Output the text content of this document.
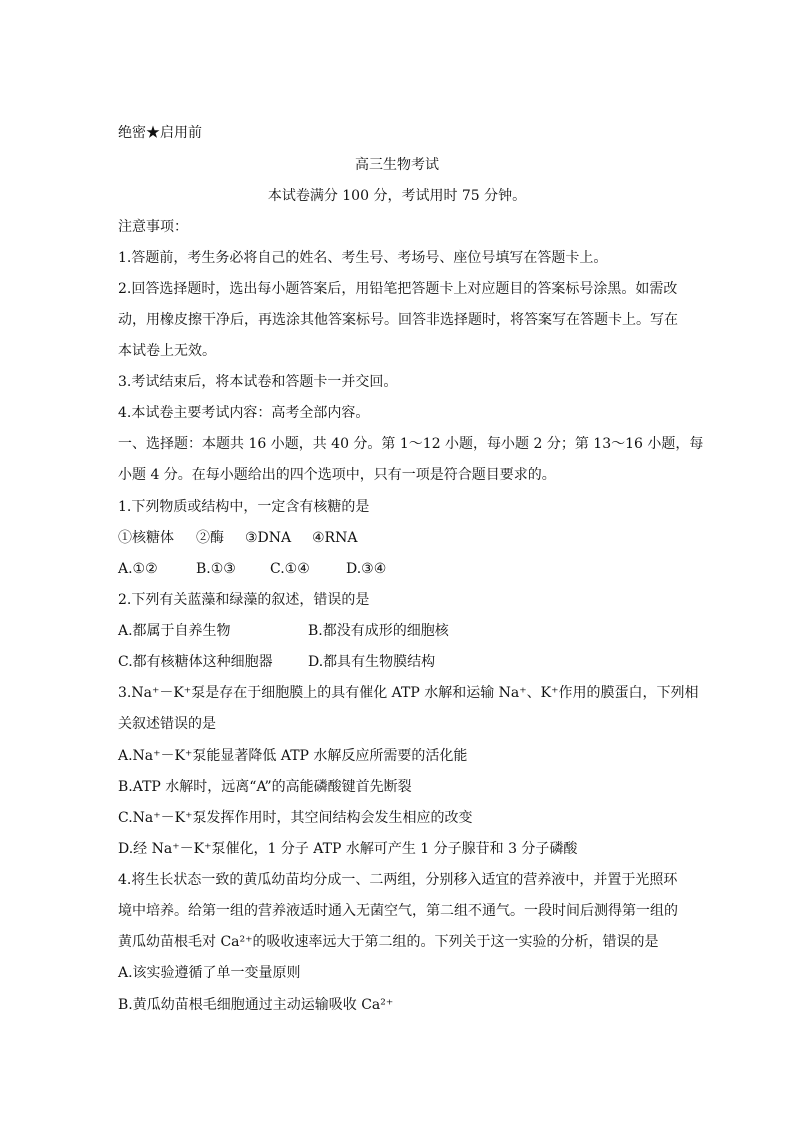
绝密★启用前
高三生物考试
本试卷满分 100 分，考试用时 75 分钟。
注意事项：
1.答题前，考生务必将自己的姓名、考生号、考场号、座位号填写在答题卡上。
2.回答选择题时，选出每小题答案后，用铅笔把答题卡上对应题目的答案标号涂黑。如需改
动，用橡皮擦干净后，再选涂其他答案标号。回答非选择题时，将答案写在答题卡上。写在
本试卷上无效。
3.考试结束后，将本试卷和答题卡一并交回。
4.本试卷主要考试内容：高考全部内容。
一、选择题：本题共 16 小题，共 40 分。第 1～12 小题，每小题 2 分；第 13～16 小题，每
小题 4 分。在每小题给出的四个选项中，只有一项是符合题目要求的。
1.下列物质或结构中，一定含有核糖的是
①核糖体 ②酶 ③DNA ④RNA
A.①②	B.①③ C.①④	D.③④
2.下列有关蓝藻和绿藻的叙述，错误的是
A.都属于自养生物	B.都没有成形的细胞核
C.都有核糖体这种细胞器	D.都具有生物膜结构
3.Na⁺－K⁺泵是存在于细胞膜上的具有催化 ATP 水解和运输 Na⁺、K⁺作用的膜蛋白，下列相
关叙述错误的是
A.Na⁺－K⁺泵能显著降低 ATP 水解反应所需要的活化能
B.ATP 水解时，远离“A”的高能磷酸键首先断裂
C.Na⁺－K⁺泵发挥作用时，其空间结构会发生相应的改变
D.经 Na⁺－K⁺泵催化，1 分子 ATP 水解可产生 1 分子腺苷和 3 分子磷酸
4.将生长状态一致的黄瓜幼苗均分成一、二两组，分别移入适宜的营养液中，并置于光照环
境中培养。给第一组的营养液适时通入无菌空气，第二组不通气。一段时间后测得第一组的
黄瓜幼苗根毛对 Ca²⁺的吸收速率远大于第二组的。下列关于这一实验的分析，错误的是
A.该实验遵循了单一变量原则
B.黄瓜幼苗根毛细胞通过主动运输吸收 Ca²⁺
